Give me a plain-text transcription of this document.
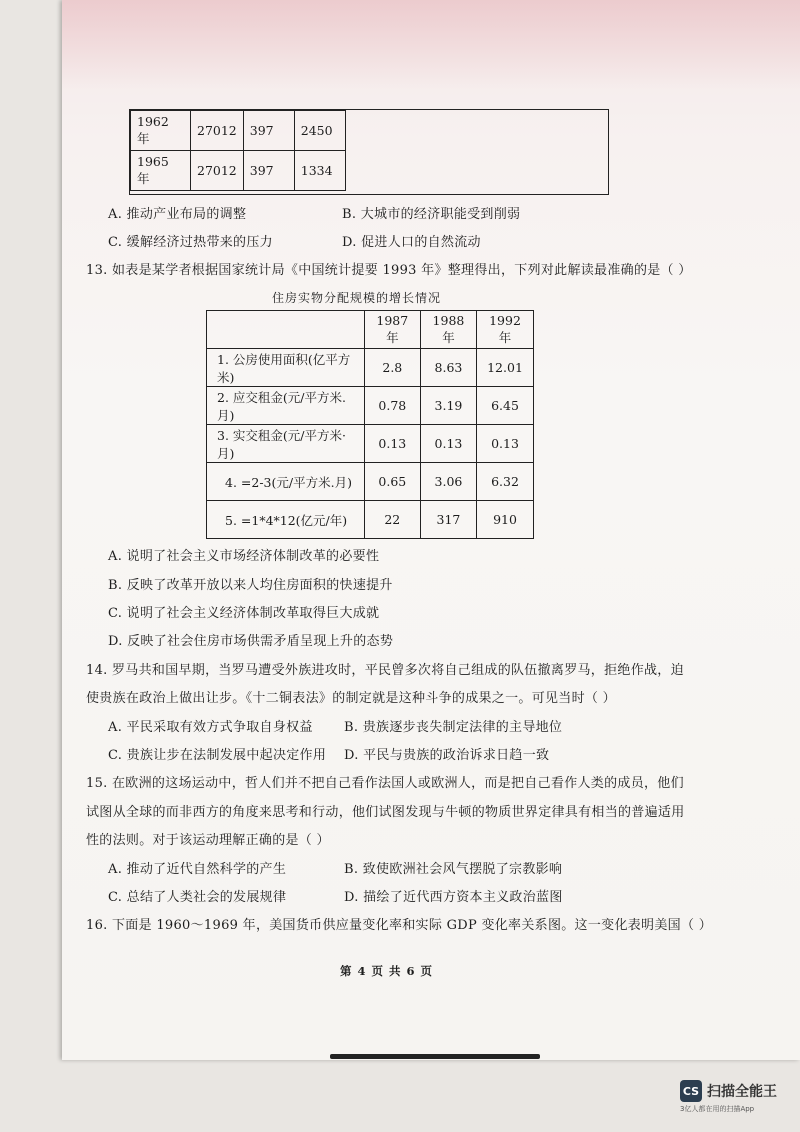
1962 年	27012	397	2450
1965 年	27012	397	1334
A. 推动产业布局的调整	B. 大城市的经济职能受到削弱
C. 缓解经济过热带来的压力	D. 促进人口的自然流动
13. 如表是某学者根据国家统计局《中国统计提要 1993 年》整理得出，下列对此解读最准确的是（ ）
住房实物分配规模的增长情况
	1987 年	1988 年	1992 年
1. 公房使用面积(亿平方米)	2.8	8.63	12.01
2. 应交租金(元/平方米.月)	0.78	3.19	6.45
3. 实交租金(元/平方米·月)	0.13	0.13	0.13
4. =2-3(元/平方米.月)	0.65	3.06	6.32
5. =1*4*12(亿元/年)	22	317	910
A. 说明了社会主义市场经济体制改革的必要性
B. 反映了改革开放以来人均住房面积的快速提升
C. 说明了社会主义经济体制改革取得巨大成就
D. 反映了社会住房市场供需矛盾呈现上升的态势
14. 罗马共和国早期，当罗马遭受外族进攻时，平民曾多次将自己组成的队伍撤离罗马，拒绝作战，迫
使贵族在政治上做出让步。《十二铜表法》的制定就是这种斗争的成果之一。可见当时（ ）
A. 平民采取有效方式争取自身权益 B. 贵族逐步丧失制定法律的主导地位
C. 贵族让步在法制发展中起决定作用 D. 平民与贵族的政治诉求日趋一致
15. 在欧洲的这场运动中，哲人们并不把自己看作法国人或欧洲人，而是把自己看作人类的成员，他们
试图从全球的而非西方的角度来思考和行动，他们试图发现与牛顿的物质世界定律具有相当的普遍适用
性的法则。对于该运动理解正确的是（ ）
A. 推动了近代自然科学的产生	B. 致使欧洲社会风气摆脱了宗教影响
C. 总结了人类社会的发展规律	D. 描绘了近代西方资本主义政治蓝图
16. 下面是 1960～1969 年，美国货币供应量变化率和实际 GDP 变化率关系图。这一变化表明美国（ ）
第 4 页 共 6 页
CS 扫描全能王
3亿人都在用的扫描App
